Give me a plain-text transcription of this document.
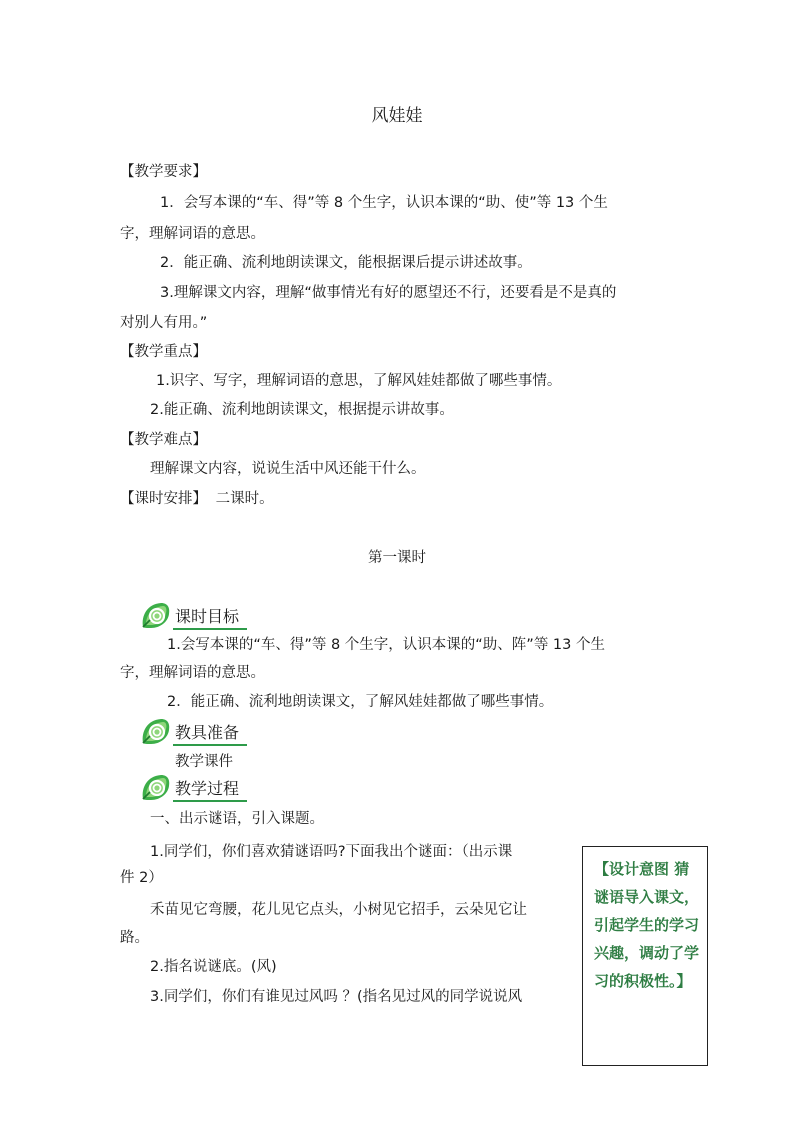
风娃娃
【教学要求】
1．会写本课的“车、得”等 8 个生字，认识本课的“助、使”等 13 个生
字，理解词语的意思。
2．能正确、流利地朗读课文，能根据课后提示讲述故事。
3.理解课文内容，理解“做事情光有好的愿望还不行，还要看是不是真的
对别人有用。”
【教学重点】
1.识字、写字，理解词语的意思，了解风娃娃都做了哪些事情。
2.能正确、流利地朗读课文，根据提示讲故事。
【教学难点】
理解课文内容，说说生活中风还能干什么。
【课时安排】 二课时。
第一课时
课时目标
1.会写本课的“车、得”等 8 个生字，认识本课的“助、阵”等 13 个生
字，理解词语的意思。
2．能正确、流利地朗读课文，了解风娃娃都做了哪些事情。
教具准备
教学课件
教学过程
一、出示谜语，引入课题。
1.同学们，你们喜欢猜谜语吗?下面我出个谜面：（出示课
件 2）
禾苗见它弯腰，花儿见它点头，小树见它招手，云朵见它让
路。
2.指名说谜底。(风)
3.同学们，你们有谁见过风吗 ？(指名见过风的同学说说风
【设计意图 猜谜语导入课文，引起学生的学习兴趣，调动了学习的积极性。】
